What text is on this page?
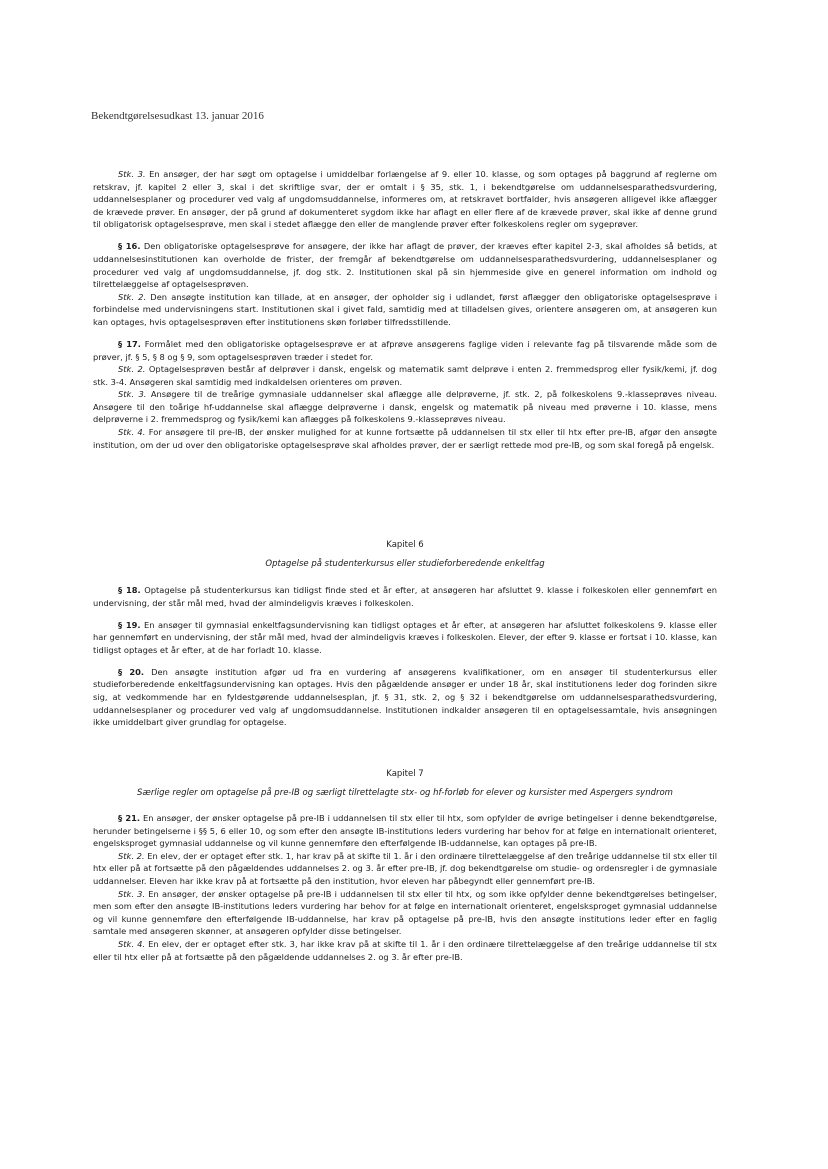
Bekendtgørelsesudkast 13. januar 2016

Stk. 3. En ansøger, der har søgt om optagelse i umiddelbar forlængelse af 9. eller 10. klasse, og som optages på baggrund af reglerne om retskrav, jf. kapitel 2 eller 3, skal i det skriftlige svar, der er omtalt i § 35, stk. 1, i bekendtgørelse om uddannelsesparathedsvurdering, uddannelsesplaner og procedurer ved valg af ungdomsuddannelse, informeres om, at retskravet bortfalder, hvis ansøgeren alligevel ikke aflægger de krævede prøver. En ansøger, der på grund af dokumenteret sygdom ikke har aflagt en eller flere af de krævede prøver, skal ikke af denne grund til obligatorisk optagelsesprøve, men skal i stedet aflægge den eller de manglende prøver efter folkeskolens regler om sygeprøver.

§ 16. Den obligatoriske optagelsesprøve for ansøgere, der ikke har aflagt de prøver, der kræves efter kapitel 2-3, skal afholdes så betids, at uddannelsesinstitutionen kan overholde de frister, der fremgår af bekendtgørelse om uddannelsesparathedsvurdering, uddannelsesplaner og procedurer ved valg af ungdomsuddannelse, jf. dog stk. 2. Institutionen skal på sin hjemmeside give en generel information om indhold og tilrettelæggelse af optagelsesprøven.

Stk. 2. Den ansøgte institution kan tillade, at en ansøger, der opholder sig i udlandet, først aflægger den obligatoriske optagelsesprøve i forbindelse med undervisningens start. Institutionen skal i givet fald, samtidig med at tilladelsen gives, orientere ansøgeren om, at ansøgeren kun kan optages, hvis optagelsesprøven efter institutionens skøn forløber tilfredsstillende.

§ 17. Formålet med den obligatoriske optagelsesprøve er at afprøve ansøgerens faglige viden i relevante fag på tilsvarende måde som de prøver, jf. § 5, § 8 og § 9, som optagelsesprøven træder i stedet for.

Stk. 2. Optagelsesprøven består af delprøver i dansk, engelsk og matematik samt delprøve i enten 2. fremmedsprog eller fysik/kemi, jf. dog stk. 3-4. Ansøgeren skal samtidig med indkaldelsen orienteres om prøven.

Stk. 3. Ansøgere til de treårige gymnasiale uddannelser skal aflægge alle delprøverne, jf. stk. 2, på folkeskolens 9.-klasseprøves niveau. Ansøgere til den toårige hf-uddannelse skal aflægge delprøverne i dansk, engelsk og matematik på niveau med prøverne i 10. klasse, mens delprøverne i 2. fremmedsprog og fysik/kemi kan aflægges på folkeskolens 9.-klasseprøves niveau.

Stk. 4. For ansøgere til pre-IB, der ønsker mulighed for at kunne fortsætte på uddannelsen til stx eller til htx efter pre-IB, afgør den ansøgte institution, om der ud over den obligatoriske optagelsesprøve skal afholdes prøver, der er særligt rettede mod pre-IB, og som skal foregå på engelsk.

Kapitel 6
Optagelse på studenterkursus eller studieforberedende enkeltfag

§ 18. Optagelse på studenterkursus kan tidligst finde sted et år efter, at ansøgeren har afsluttet 9. klasse i folkeskolen eller gennemført en undervisning, der står mål med, hvad der almindeligvis kræves i folkeskolen.

§ 19. En ansøger til gymnasial enkeltfagsundervisning kan tidligst optages et år efter, at ansøgeren har afsluttet folkeskolens 9. klasse eller har gennemført en undervisning, der står mål med, hvad der almindeligvis kræves i folkeskolen. Elever, der efter 9. klasse er fortsat i 10. klasse, kan tidligst optages et år efter, at de har forladt 10. klasse.

§ 20. Den ansøgte institution afgør ud fra en vurdering af ansøgerens kvalifikationer, om en ansøger til studenterkursus eller studieforberedende enkeltfagsundervisning kan optages. Hvis den pågældende ansøger er under 18 år, skal institutionens leder dog forinden sikre sig, at vedkommende har en fyldestgørende uddannelsesplan, jf. § 31, stk. 2, og § 32 i bekendtgørelse om uddannelsesparathedsvurdering, uddannelsesplaner og procedurer ved valg af ungdomsuddannelse. Institutionen indkalder ansøgeren til en optagelsessamtale, hvis ansøgningen ikke umiddelbart giver grundlag for optagelse.

Kapitel 7
Særlige regler om optagelse på pre-IB og særligt tilrettelagte stx- og hf-forløb for elever og kursister med Aspergers syndrom

§ 21. En ansøger, der ønsker optagelse på pre-IB i uddannelsen til stx eller til htx, som opfylder de øvrige betingelser i denne bekendtgørelse, herunder betingelserne i §§ 5, 6 eller 10, og som efter den ansøgte IB-institutions leders vurdering har behov for at følge en internationalt orienteret, engelsksproget gymnasial uddannelse og vil kunne gennemføre den efterfølgende IB-uddannelse, kan optages på pre-IB.

Stk. 2. En elev, der er optaget efter stk. 1, har krav på at skifte til 1. år i den ordinære tilrettelæggelse af den treårige uddannelse til stx eller til htx eller på at fortsætte på den pågældendes uddannelses 2. og 3. år efter pre-IB, jf. dog bekendtgørelse om studie- og ordensregler i de gymnasiale uddannelser. Eleven har ikke krav på at fortsætte på den institution, hvor eleven har påbegyndt eller gennemført pre-IB.

Stk. 3. En ansøger, der ønsker optagelse på pre-IB i uddannelsen til stx eller til htx, og som ikke opfylder denne bekendtgørelses betingelser, men som efter den ansøgte IB-institutions leders vurdering har behov for at følge en internationalt orienteret, engelsksproget gymnasial uddannelse og vil kunne gennemføre den efterfølgende IB-uddannelse, har krav på optagelse på pre-IB, hvis den ansøgte institutions leder efter en faglig samtale med ansøgeren skønner, at ansøgeren opfylder disse betingelser.

Stk. 4. En elev, der er optaget efter stk. 3, har ikke krav på at skifte til 1. år i den ordinære tilrettelæggelse af den treårige uddannelse til stx eller til htx eller på at fortsætte på den pågældende uddannelses 2. og 3. år efter pre-IB.
